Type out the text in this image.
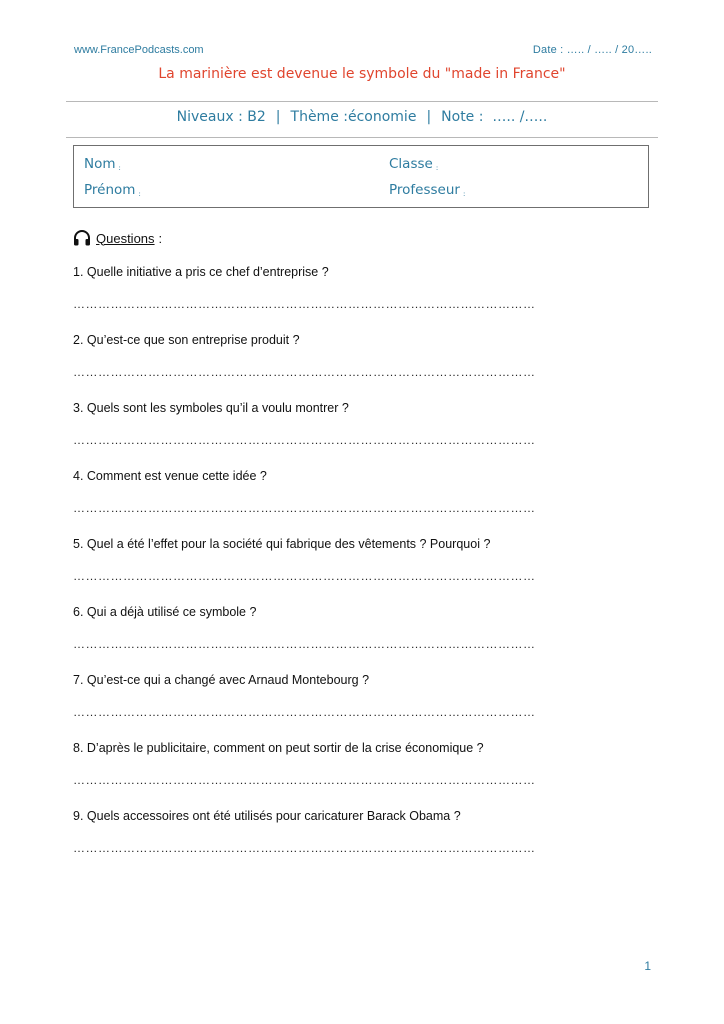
www.FrancePodcasts.com	Date : ….. / ….. / 20…..
La marinière est devenue le symbole du "made in France"
Niveaux : B2 | Thème :économie | Note :  ….. /…..
Nom :
Prénom :
Classe :
Professeur :
Questions :
1. Quelle initiative a pris ce chef d’entreprise ?
…………………………………………………………………………………………………
2. Qu’est-ce que son entreprise produit ?
…………………………………………………………………………………………………
3. Quels sont les symboles qu’il a voulu montrer ?
…………………………………………………………………………………………………
4. Comment est venue cette idée ?
…………………………………………………………………………………………………
5. Quel a été l’effet pour la société qui fabrique des vêtements ? Pourquoi ?
…………………………………………………………………………………………………
6. Qui a déjà utilisé ce symbole ?
…………………………………………………………………………………………………
7. Qu’est-ce qui a changé avec Arnaud Montebourg ?
…………………………………………………………………………………………………
8. D’après le publicitaire, comment on peut sortir de la crise économique ?
…………………………………………………………………………………………………
9. Quels accessoires ont été utilisés pour caricaturer Barack Obama ?
…………………………………………………………………………………………………
1
